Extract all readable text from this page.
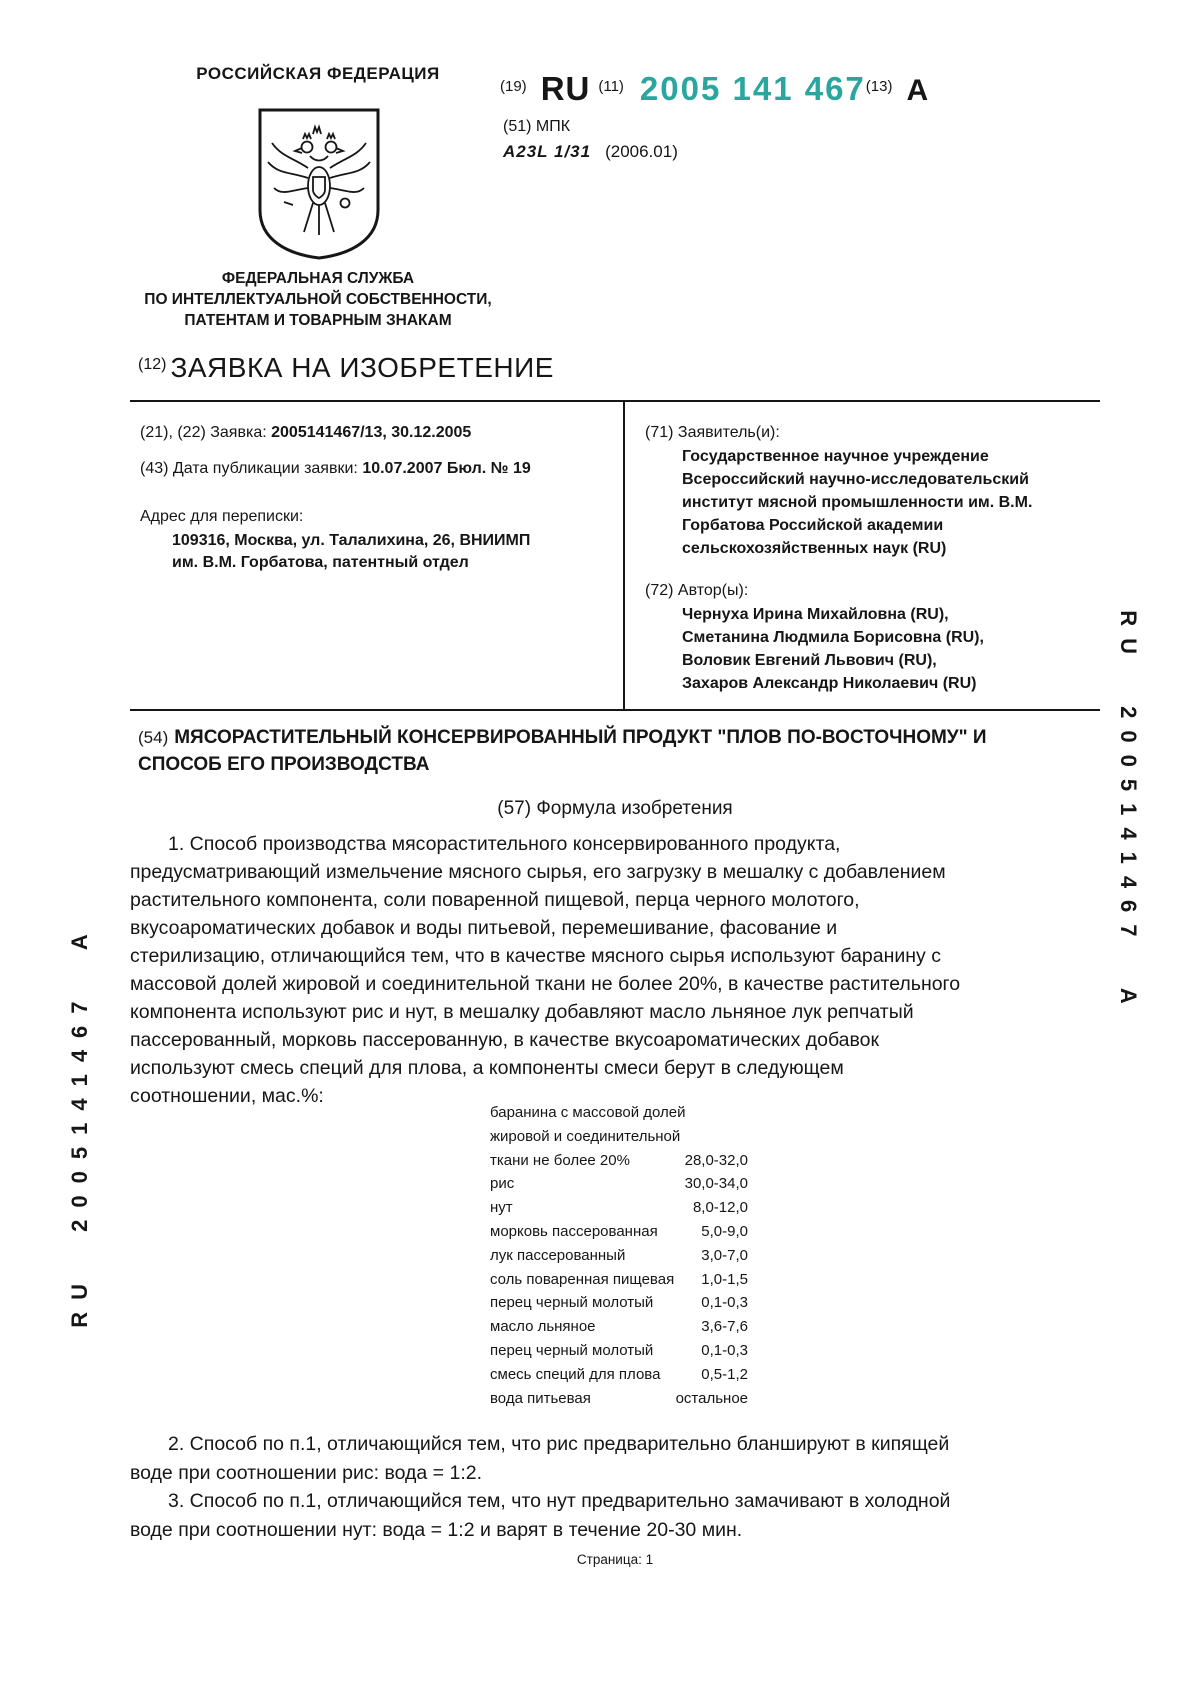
РОССИЙСКАЯ ФЕДЕРАЦИЯ
ФЕДЕРАЛЬНАЯ СЛУЖБА
ПО ИНТЕЛЛЕКТУАЛЬНОЙ СОБСТВЕННОСТИ,
ПАТЕНТАМ И ТОВАРНЫМ ЗНАКАМ
(19) RU (11) 2005 141 467(13) A
(51) МПК
A23L 1/31 (2006.01)
(12) ЗАЯВКА НА ИЗОБРЕТЕНИЕ
(21), (22) Заявка: 2005141467/13, 30.12.2005
(43) Дата публикации заявки: 10.07.2007 Бюл. № 19
Адрес для переписки:
109316, Москва, ул. Талалихина, 26, ВНИИМП
им. В.М. Горбатова, патентный отдел
(71) Заявитель(и):
Государственное научное учреждение
Всероссийский научно-исследовательский
институт мясной промышленности им. В.М.
Горбатова Российской академии
сельскохозяйственных наук (RU)
(72) Автор(ы):
Чернуха Ирина Михайловна (RU),
Сметанина Людмила Борисовна (RU),
Воловик Евгений Львович (RU),
Захаров Александр Николаевич (RU)
(54) МЯСОРАСТИТЕЛЬНЫЙ КОНСЕРВИРОВАННЫЙ ПРОДУКТ "ПЛОВ ПО-ВОСТОЧНОМУ" И СПОСОБ ЕГО ПРОИЗВОДСТВА
(57) Формула изобретения
1. Способ производства мясорастительного консервированного продукта,
предусматривающий измельчение мясного сырья, его загрузку в мешалку с добавлением
растительного компонента, соли поваренной пищевой, перца черного молотого,
вкусоароматических добавок и воды питьевой, перемешивание, фасование и
стерилизацию, отличающийся тем, что в качестве мясного сырья используют баранину с
массовой долей жировой и соединительной ткани не более 20%, в качестве растительного
компонента используют рис и нут, в мешалку добавляют масло льняное лук репчатый
пассерованный, морковь пассерованную, в качестве вкусоароматических добавок
используют смесь специй для плова, а компоненты смеси берут в следующем
соотношении, мас.%:
баранина с массовой долей
жировой и соединительной
ткани не более 20%	28,0-32,0
рис	30,0-34,0
нут	8,0-12,0
морковь пассерованная	5,0-9,0
лук пассерованный	3,0-7,0
соль поваренная пищевая	1,0-1,5
перец черный молотый	0,1-0,3
масло льняное	3,6-7,6
перец черный молотый	0,1-0,3
смесь специй для плова	0,5-1,2
вода питьевая	остальное
2. Способ по п.1, отличающийся тем, что рис предварительно бланшируют в кипящей
воде при соотношении рис: вода = 1:2.
3. Способ по п.1, отличающийся тем, что нут предварительно замачивают в холодной
воде при соотношении нут: вода = 1:2 и варят в течение 20-30 мин.
RU 2005141467 A
RU 2005141467 A
Страница: 1
